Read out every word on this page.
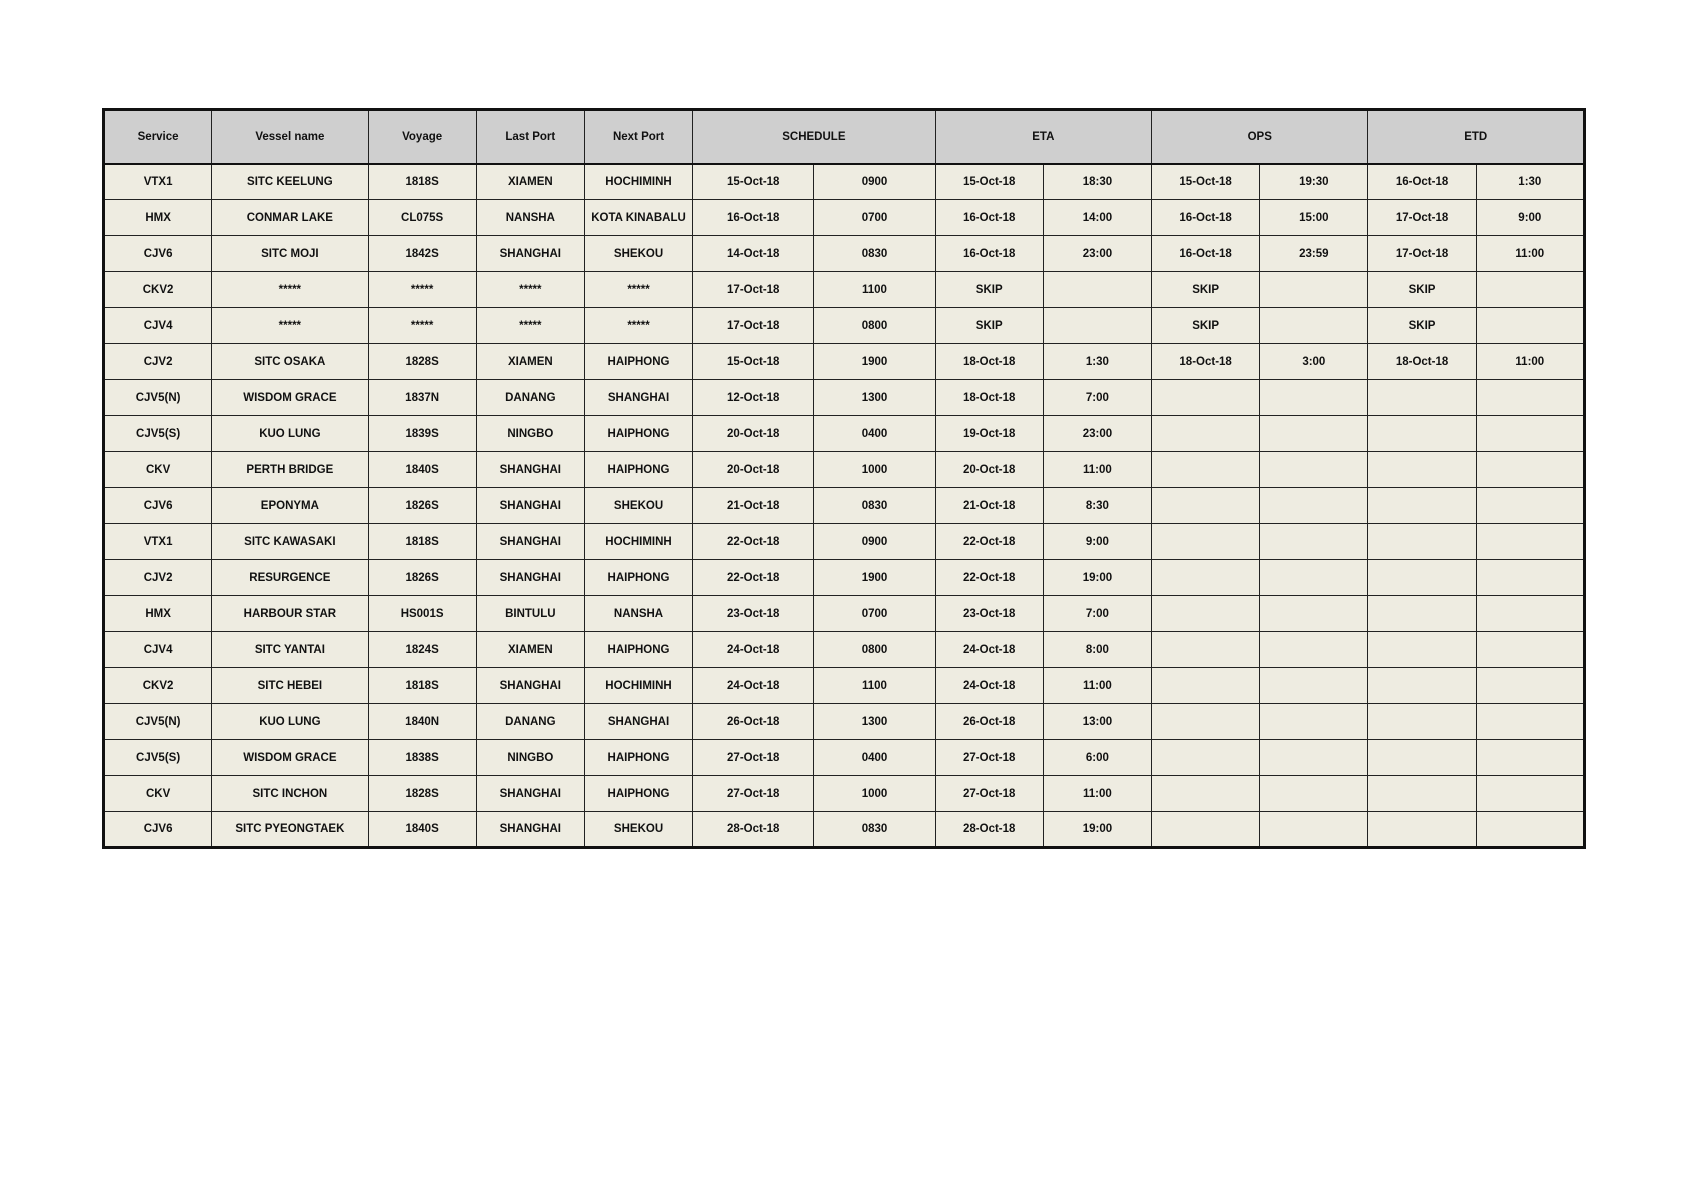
Service	Vessel name	Voyage	Last Port	Next Port	SCHEDULE		ETA		OPS		ETD	
VTX1	SITC KEELUNG	1818S	XIAMEN	HOCHIMINH	15-Oct-18	0900	15-Oct-18	18:30	15-Oct-18	19:30	16-Oct-18	1:30
HMX	CONMAR LAKE	CL075S	NANSHA	KOTA KINABALU	16-Oct-18	0700	16-Oct-18	14:00	16-Oct-18	15:00	17-Oct-18	9:00
CJV6	SITC MOJI	1842S	SHANGHAI	SHEKOU	14-Oct-18	0830	16-Oct-18	23:00	16-Oct-18	23:59	17-Oct-18	11:00
CKV2	*****	*****	*****	*****	17-Oct-18	1100	SKIP		SKIP		SKIP	
CJV4	*****	*****	*****	*****	17-Oct-18	0800	SKIP		SKIP		SKIP	
CJV2	SITC OSAKA	1828S	XIAMEN	HAIPHONG	15-Oct-18	1900	18-Oct-18	1:30	18-Oct-18	3:00	18-Oct-18	11:00
CJV5(N)	WISDOM GRACE	1837N	DANANG	SHANGHAI	12-Oct-18	1300	18-Oct-18	7:00				
CJV5(S)	KUO LUNG	1839S	NINGBO	HAIPHONG	20-Oct-18	0400	19-Oct-18	23:00				
CKV	PERTH BRIDGE	1840S	SHANGHAI	HAIPHONG	20-Oct-18	1000	20-Oct-18	11:00				
CJV6	EPONYMA	1826S	SHANGHAI	SHEKOU	21-Oct-18	0830	21-Oct-18	8:30				
VTX1	SITC KAWASAKI	1818S	SHANGHAI	HOCHIMINH	22-Oct-18	0900	22-Oct-18	9:00				
CJV2	RESURGENCE	1826S	SHANGHAI	HAIPHONG	22-Oct-18	1900	22-Oct-18	19:00				
HMX	HARBOUR STAR	HS001S	BINTULU	NANSHA	23-Oct-18	0700	23-Oct-18	7:00				
CJV4	SITC YANTAI	1824S	XIAMEN	HAIPHONG	24-Oct-18	0800	24-Oct-18	8:00				
CKV2	SITC HEBEI	1818S	SHANGHAI	HOCHIMINH	24-Oct-18	1100	24-Oct-18	11:00				
CJV5(N)	KUO LUNG	1840N	DANANG	SHANGHAI	26-Oct-18	1300	26-Oct-18	13:00				
CJV5(S)	WISDOM GRACE	1838S	NINGBO	HAIPHONG	27-Oct-18	0400	27-Oct-18	6:00				
CKV	SITC INCHON	1828S	SHANGHAI	HAIPHONG	27-Oct-18	1000	27-Oct-18	11:00				
CJV6	SITC PYEONGTAEK	1840S	SHANGHAI	SHEKOU	28-Oct-18	0830	28-Oct-18	19:00				
